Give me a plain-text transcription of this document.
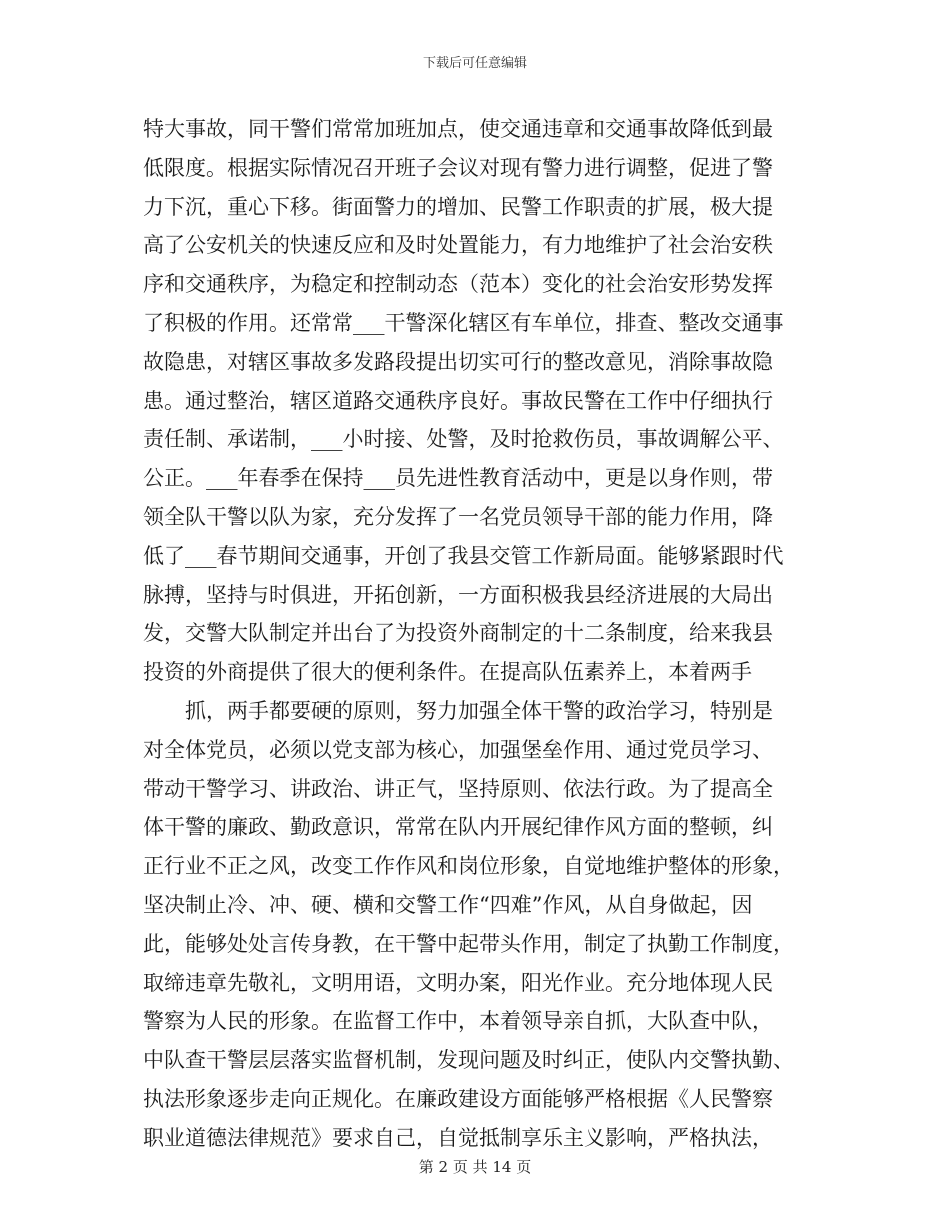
下载后可任意编辑
特大事故，同干警们常常加班加点，使交通违章和交通事故降低到最
低限度。根据实际情况召开班子会议对现有警力进行调整，促进了警
力下沉，重心下移。街面警力的增加、民警工作职责的扩展，极大提
高了公安机关的快速反应和及时处置能力，有力地维护了社会治安秩
序和交通秩序，为稳定和控制动态（范本）变化的社会治安形势发挥
了积极的作用。还常常___干警深化辖区有车单位，排查、整改交通事
故隐患，对辖区事故多发路段提出切实可行的整改意见，消除事故隐
患。通过整治，辖区道路交通秩序良好。事故民警在工作中仔细执行
责任制、承诺制，___小时接、处警，及时抢救伤员，事故调解公平、
公正。___年春季在保持___员先进性教育活动中，更是以身作则，带
领全队干警以队为家，充分发挥了一名党员领导干部的能力作用，降
低了___春节期间交通事，开创了我县交管工作新局面。能够紧跟时代
脉搏，坚持与时俱进，开拓创新，一方面积极我县经济进展的大局出
发，交警大队制定并出台了为投资外商制定的十二条制度，给来我县
投资的外商提供了很大的便利条件。在提高队伍素养上，本着两手
抓，两手都要硬的原则，努力加强全体干警的政治学习，特别是
对全体党员，必须以党支部为核心，加强堡垒作用、通过党员学习、
带动干警学习、讲政治、讲正气，坚持原则、依法行政。为了提高全
体干警的廉政、勤政意识，常常在队内开展纪律作风方面的整顿，纠
正行业不正之风，改变工作作风和岗位形象，自觉地维护整体的形象，
坚决制止冷、冲、硬、横和交警工作“四难”作风，从自身做起，因
此，能够处处言传身教，在干警中起带头作用，制定了执勤工作制度，
取缔违章先敬礼，文明用语，文明办案，阳光作业。充分地体现人民
警察为人民的形象。在监督工作中，本着领导亲自抓，大队查中队，
中队查干警层层落实监督机制，发现问题及时纠正，使队内交警执勤、
执法形象逐步走向正规化。在廉政建设方面能够严格根据《人民警察
职业道德法律规范》要求自己，自觉抵制享乐主义影响，严格执法，
第 2 页 共 14 页
